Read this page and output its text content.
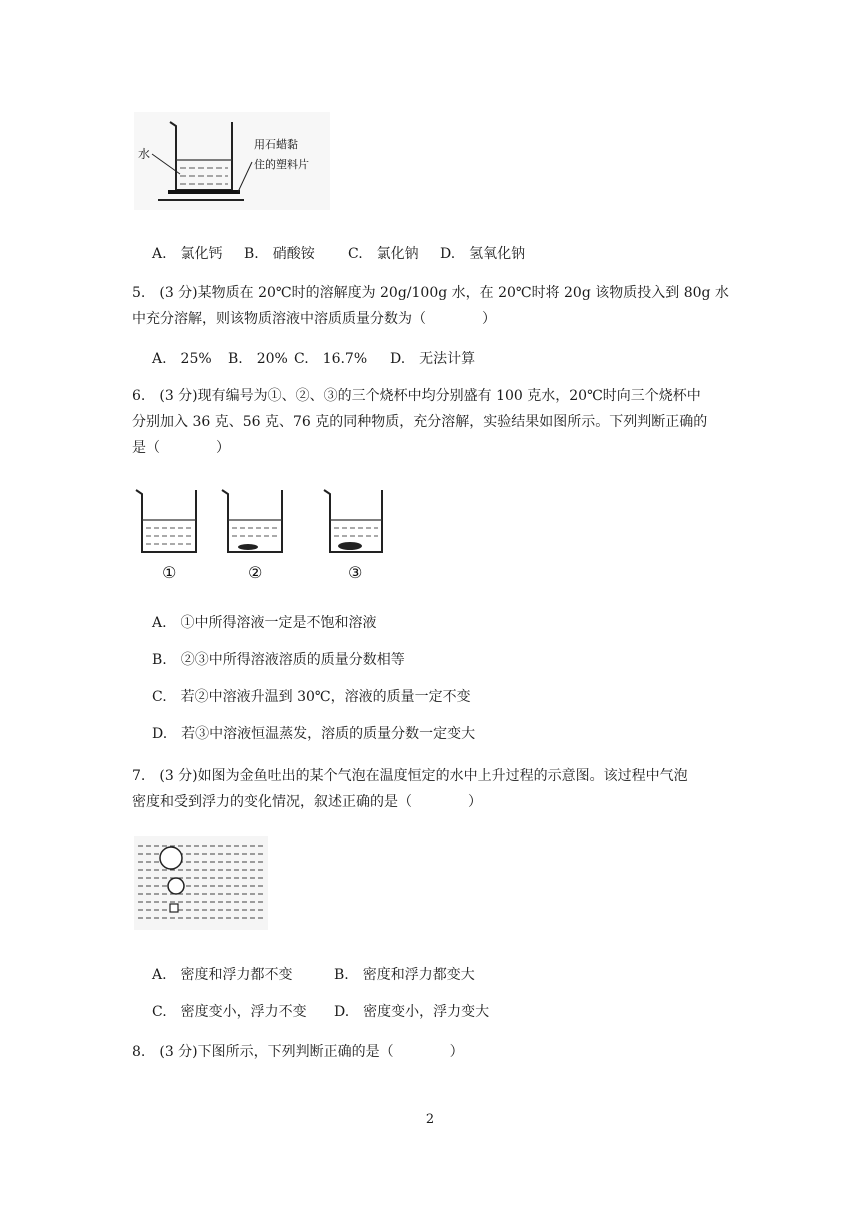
水
用石蜡黏
住的塑料片
A.　氯化钙 B.　硝酸铵 C.　氯化钠 D.　氢氧化钠
5.　(3 分)某物质在 20℃时的溶解度为 20g/100g 水，在 20℃时将 20g 该物质投入到 80g 水
中充分溶解，则该物质溶液中溶质质量分数为（　　　　）
A.　25% B.　20% C.　16.7% D.　无法计算
6.　(3 分)现有编号为①、②、③的三个烧杯中均分别盛有 100 克水，20℃时向三个烧杯中
分别加入 36 克、56 克、76 克的同种物质，充分溶解，实验结果如图所示。下列判断正确的
是（　　　　）
①	②	③
A.　①中所得溶液一定是不饱和溶液
B.　②③中所得溶液溶质的质量分数相等
C.　若②中溶液升温到 30℃，溶液的质量一定不变
D.　若③中溶液恒温蒸发，溶质的质量分数一定变大
7.　(3 分)如图为金鱼吐出的某个气泡在温度恒定的水中上升过程的示意图。该过程中气泡
密度和受到浮力的变化情况，叙述正确的是（　　　　）
A.　密度和浮力都不变	B.　密度和浮力都变大
C.　密度变小，浮力不变 D.　密度变小，浮力变大
8.　(3 分)下图所示，下列判断正确的是（　　　　）
2
